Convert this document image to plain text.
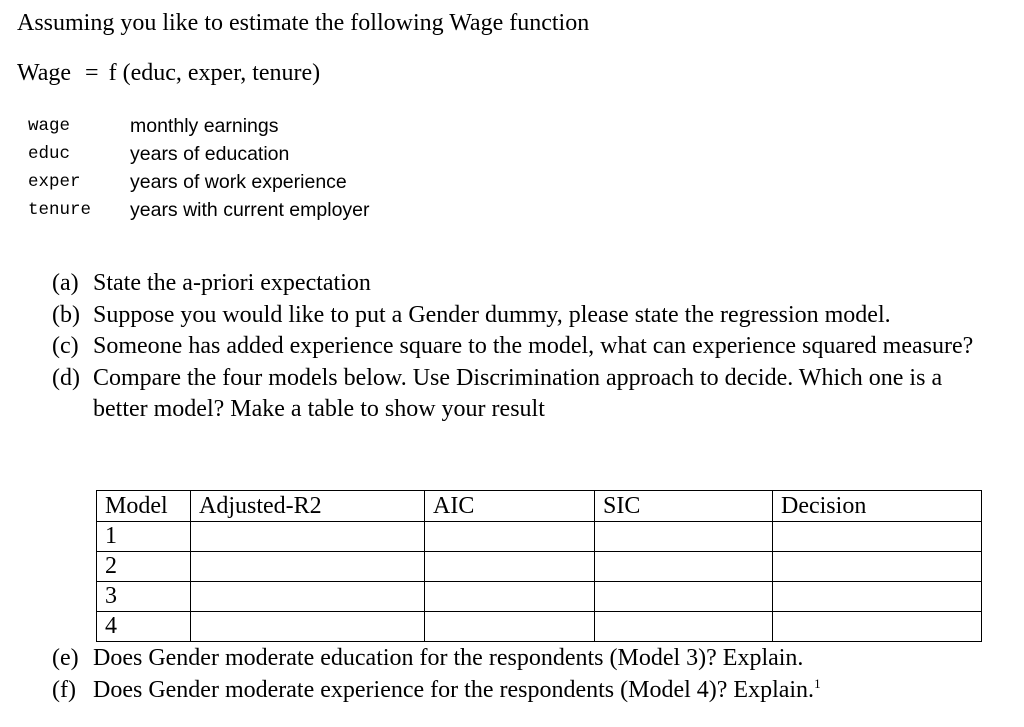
Assuming you like to estimate the following Wage function
Wage = f (educ, exper, tenure)
wage	monthly earnings
educ	years of education
exper	years of work experience
tenure	years with current employer
(a) State the a-priori expectation
(b) Suppose you would like to put a Gender dummy, please state the regression model.
(c) Someone has added experience square to the model, what can experience squared measure?
(d) Compare the four models below. Use Discrimination approach to decide. Which one is a better model? Make a table to show your result
Model	Adjusted-R2	AIC	SIC	Decision
1				
2				
3				
4				
(e) Does Gender moderate education for the respondents (Model 3)? Explain.
(f) Does Gender moderate experience for the respondents (Model 4)? Explain.$^1$
